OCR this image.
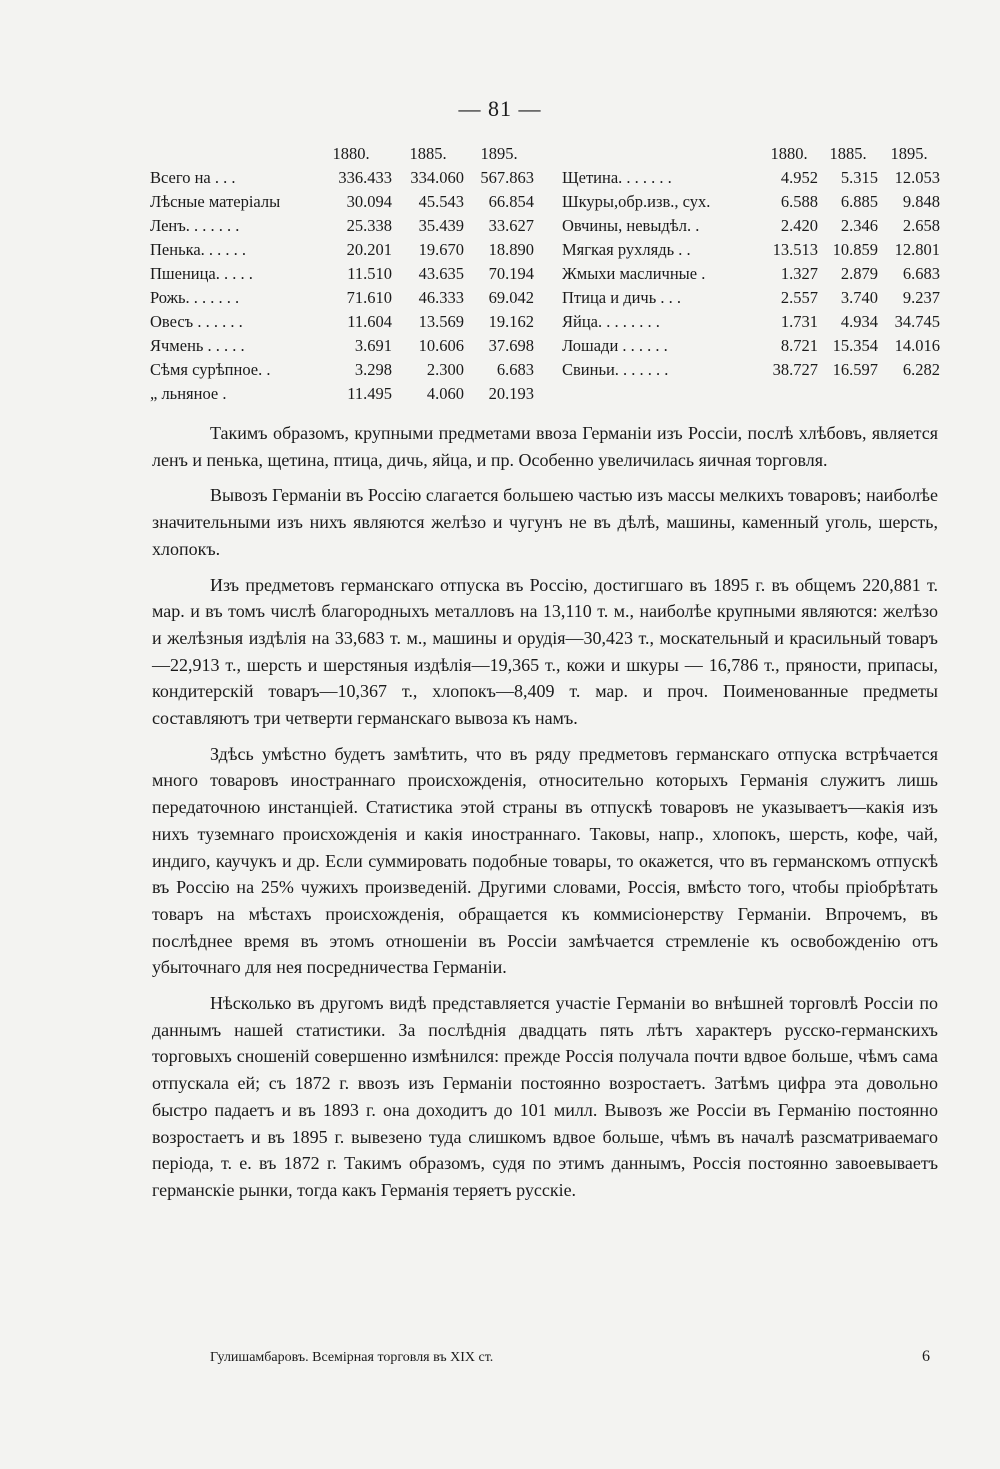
— 81 —
1880.	1885.	1895.
Всего на . . .	336.433	334.060 567.863
Лѣсные матеріалы	30.094	45.543	66.854
Ленъ. . . . . . .	25.338	35.439	33.627
Пенька. . . . . .	20.201	19.670	18.890
Пшеница. . . . .	11.510	43.635	70.194
Рожь. . . . . . .	71.610	46.333	69.042
Овесъ . . . . . .	11.604	13.569	19.162
Ячмень . . . . .	3.691	10.606	37.698
Сѣмя сурѣпное. .	3.298	2.300	6.683
„ льняное .	11.495	4.060	20.193
1880.	1885.	1895.
Щетина. . . . . . .	4.952	5.315	12.053
Шкуры,обр.изв., сух.	6.588	6.885	9.848
Овчины, невыдѣл. .	2.420	2.346	2.658
Мягкая рухлядь . .	13.513 10.859	12.801
Жмыхи масличные .	1.327	2.879	6.683
Птица и дичь . . .	2.557	3.740	9.237
Яйца. . . . . . . .	1.731	4.934	34.745
Лошади . . . . . .	8.721 15.354	14.016
Свиньи. . . . . . .	38.727 16.597	6.282

Такимъ образомъ, крупными предметами ввоза Германіи изъ Россіи, послѣ хлѣбовъ, является ленъ и пенька, щетина, птица, дичь, яйца, и пр. Особенно увеличилась яичная торговля.

Вывозъ Германіи въ Россію слагается большею частью изъ массы мелкихъ товаровъ; наиболѣе значительными изъ нихъ являются желѣзо и чугунъ не въ дѣлѣ, машины, каменный уголь, шерсть, хлопокъ.

Изъ предметовъ германскаго отпуска въ Россію, достигшаго въ 1895 г. въ общемъ 220,881 т. мар. и въ томъ числѣ благородныхъ металловъ на 13,110 т. м., наиболѣе крупными являются: желѣзо и желѣзныя издѣлія на 33,683 т. м., машины и орудія—30,423 т., москательный и красильный товаръ—22,913 т., шерсть и шерстяныя издѣлія—19,365 т., кожи и шкуры — 16,786 т., пряности, припасы, кондитерскій товаръ—10,367 т., хлопокъ—8,409 т. мар. и проч. Поименованные предметы составляютъ три четверти германскаго вывоза къ намъ.

Здѣсь умѣстно будетъ замѣтить, что въ ряду предметовъ германскаго отпуска встрѣчается много товаровъ иностраннаго происхожденія, относительно которыхъ Германія служитъ лишь передаточною инстанціей. Статистика этой страны въ отпускѣ товаровъ не указываетъ—какія изъ нихъ туземнаго происхожденія и какія иностраннаго. Таковы, напр., хлопокъ, шерсть, кофе, чай, индиго, каучукъ и др. Если суммировать подобные товары, то окажется, что въ германскомъ отпускѣ въ Россію на 25% чужихъ произведеній. Другими словами, Россія, вмѣсто того, чтобы пріобрѣтать товаръ на мѣстахъ происхожденія, обращается къ коммисіонерству Германіи. Впрочемъ, въ послѣднее время въ этомъ отношеніи въ Россіи замѣчается стремленіе къ освобожденію отъ убыточнаго для нея посредничества Германіи.

Нѣсколько въ другомъ видѣ представляется участіе Германіи во внѣшней торговлѣ Россіи по даннымъ нашей статистики. За послѣднія двадцать пять лѣтъ характеръ русско-германскихъ торговыхъ сношеній совершенно измѣнился: прежде Россія получала почти вдвое больше, чѣмъ сама отпускала ей; съ 1872 г. ввозъ изъ Германіи постоянно возростаетъ. Затѣмъ цифра эта довольно быстро падаетъ и въ 1893 г. она доходитъ до 101 милл. Вывозъ же Россіи въ Германію постоянно возростаетъ и въ 1895 г. вывезено туда слишкомъ вдвое больше, чѣмъ въ началѣ разсматриваемаго періода, т. е. въ 1872 г. Такимъ образомъ, судя по этимъ даннымъ, Россія постоянно завоевываетъ германскіе рынки, тогда какъ Германія теряетъ русскіе.

Гулишамбаровъ. Всемірная торговля въ XIX ст.	6
